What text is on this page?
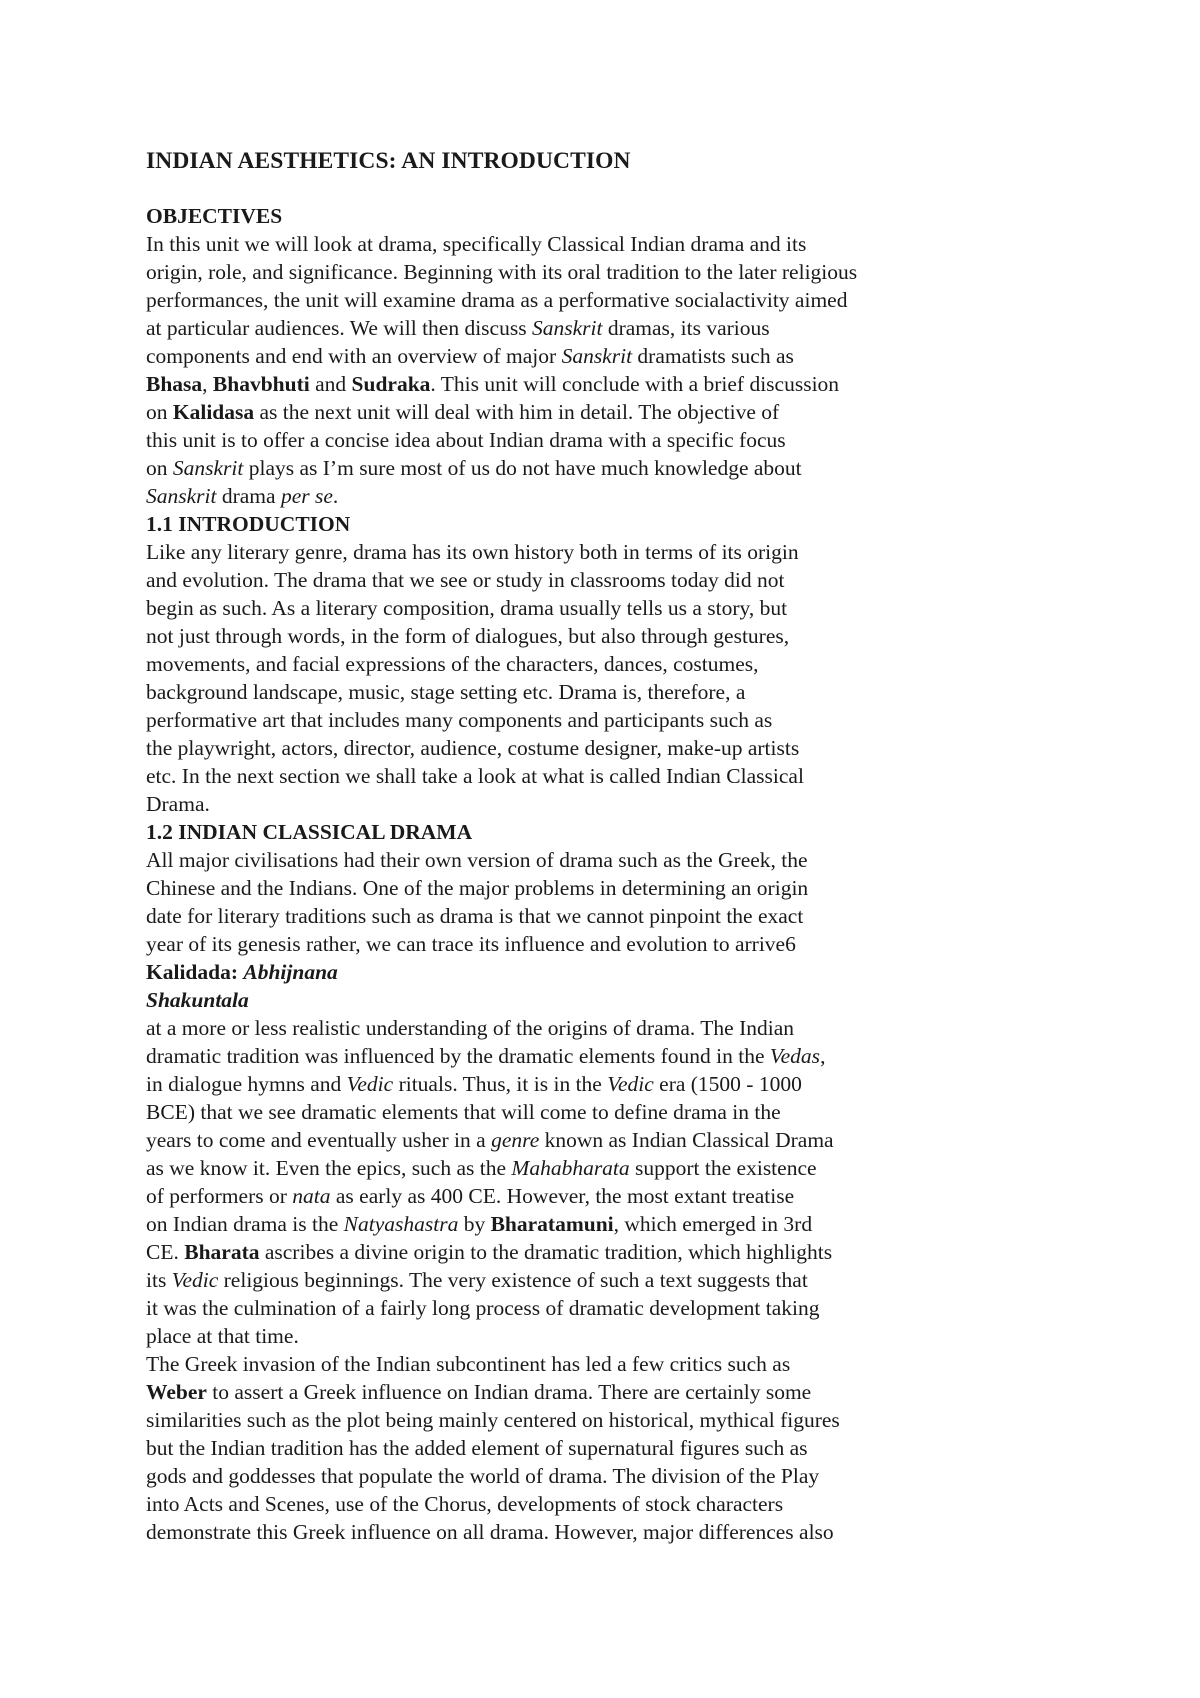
INDIAN AESTHETICS: AN INTRODUCTION
OBJECTIVES
In this unit we will look at drama, specifically Classical Indian drama and its
origin, role, and significance. Beginning with its oral tradition to the later religious
performances, the unit will examine drama as a performative socialactivity aimed
at particular audiences. We will then discuss Sanskrit dramas, its various
components and end with an overview of major Sanskrit dramatists such as
Bhasa, Bhavbhuti and Sudraka. This unit will conclude with a brief discussion
on Kalidasa as the next unit will deal with him in detail. The objective of
this unit is to offer a concise idea about Indian drama with a specific focus
on Sanskrit plays as I’m sure most of us do not have much knowledge about
Sanskrit drama per se.
1.1 INTRODUCTION
Like any literary genre, drama has its own history both in terms of its origin
and evolution. The drama that we see or study in classrooms today did not
begin as such. As a literary composition, drama usually tells us a story, but
not just through words, in the form of dialogues, but also through gestures,
movements, and facial expressions of the characters, dances, costumes,
background landscape, music, stage setting etc. Drama is, therefore, a
performative art that includes many components and participants such as
the playwright, actors, director, audience, costume designer, make-up artists
etc. In the next section we shall take a look at what is called Indian Classical
Drama.
1.2 INDIAN CLASSICAL DRAMA
All major civilisations had their own version of drama such as the Greek, the
Chinese and the Indians. One of the major problems in determining an origin
date for literary traditions such as drama is that we cannot pinpoint the exact
year of its genesis rather, we can trace its influence and evolution to arrive6
Kalidada: Abhijnana
Shakuntala
at a more or less realistic understanding of the origins of drama. The Indian
dramatic tradition was influenced by the dramatic elements found in the Vedas,
in dialogue hymns and Vedic rituals. Thus, it is in the Vedic era (1500 - 1000
BCE) that we see dramatic elements that will come to define drama in the
years to come and eventually usher in a genre known as Indian Classical Drama
as we know it. Even the epics, such as the Mahabharata support the existence
of performers or nata as early as 400 CE. However, the most extant treatise
on Indian drama is the Natyashastra by Bharatamuni, which emerged in 3rd
CE. Bharata ascribes a divine origin to the dramatic tradition, which highlights
its Vedic religious beginnings. The very existence of such a text suggests that
it was the culmination of a fairly long process of dramatic development taking
place at that time.
The Greek invasion of the Indian subcontinent has led a few critics such as
Weber to assert a Greek influence on Indian drama. There are certainly some
similarities such as the plot being mainly centered on historical, mythical figures
but the Indian tradition has the added element of supernatural figures such as
gods and goddesses that populate the world of drama. The division of the Play
into Acts and Scenes, use of the Chorus, developments of stock characters
demonstrate this Greek influence on all drama. However, major differences also
